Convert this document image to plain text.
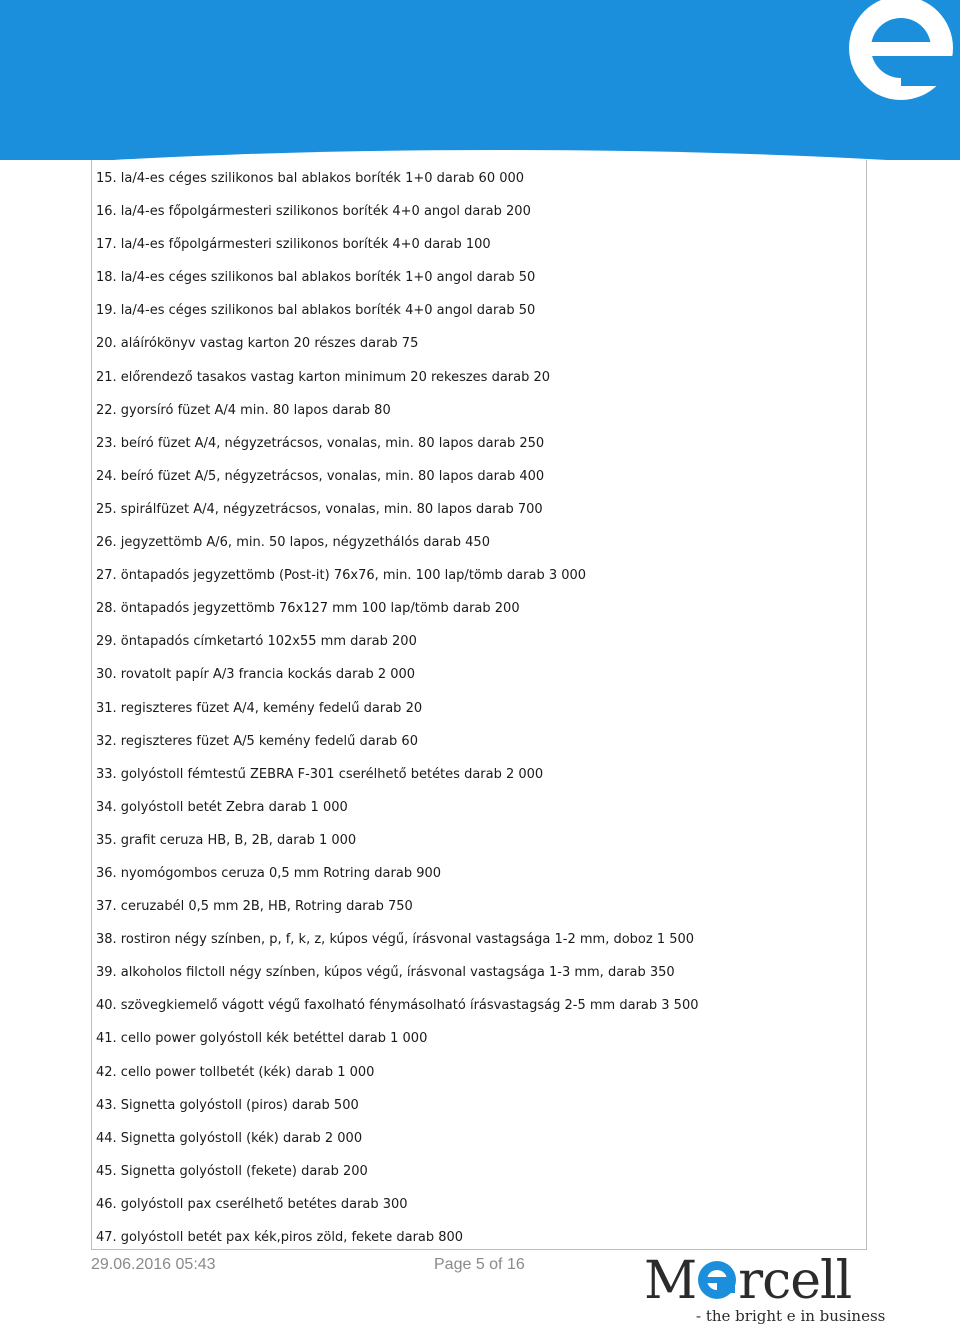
15. la/4-es céges szilikonos bal ablakos boríték 1+0 darab 60 000
16. la/4-es főpolgármesteri szilikonos boríték 4+0 angol darab 200
17. la/4-es főpolgármesteri szilikonos boríték 4+0 darab 100
18. la/4-es céges szilikonos bal ablakos boríték 1+0 angol darab 50
19. la/4-es céges szilikonos bal ablakos boríték 4+0 angol darab 50
20. aláírókönyv vastag karton 20 részes darab 75
21. előrendező tasakos vastag karton minimum 20 rekeszes darab 20
22. gyorsíró füzet A/4 min. 80 lapos darab 80
23. beíró füzet A/4, négyzetrácsos, vonalas, min. 80 lapos darab 250
24. beíró füzet A/5, négyzetrácsos, vonalas, min. 80 lapos darab 400
25. spirálfüzet A/4, négyzetrácsos, vonalas, min. 80 lapos darab 700
26. jegyzettömb A/6, min. 50 lapos, négyzethálós darab 450
27. öntapadós jegyzettömb (Post-it) 76x76, min. 100 lap/tömb darab 3 000
28. öntapadós jegyzettömb 76x127 mm 100 lap/tömb darab 200
29. öntapadós címketartó 102x55 mm darab 200
30. rovatolt papír A/3 francia kockás darab 2 000
31. regiszteres füzet A/4, kemény fedelű darab 20
32. regiszteres füzet A/5 kemény fedelű darab 60
33. golyóstoll fémtestű ZEBRA F-301 cserélhető betétes darab 2 000
34. golyóstoll betét Zebra darab 1 000
35. grafit ceruza HB, B, 2B, darab 1 000
36. nyomógombos ceruza 0,5 mm Rotring darab 900
37. ceruzabél 0,5 mm 2B, HB, Rotring darab 750
38. rostiron négy színben, p, f, k, z, kúpos végű, írásvonal vastagsága 1-2 mm, doboz 1 500
39. alkoholos filctoll négy színben, kúpos végű, írásvonal vastagsága 1-3 mm, darab 350
40. szövegkiemelő vágott végű faxolható fénymásolható írásvastagság 2-5 mm darab 3 500
41. cello power golyóstoll kék betéttel darab 1 000
42. cello power tollbetét (kék) darab 1 000
43. Signetta golyóstoll (piros) darab 500
44. Signetta golyóstoll (kék) darab 2 000
45. Signetta golyóstoll (fekete) darab 200
46. golyóstoll pax cserélhető betétes darab 300
47. golyóstoll betét pax kék,piros zöld, fekete darab 800
29.06.2016 05:43	Page 5 of 16 M rcell
- the bright e in business
